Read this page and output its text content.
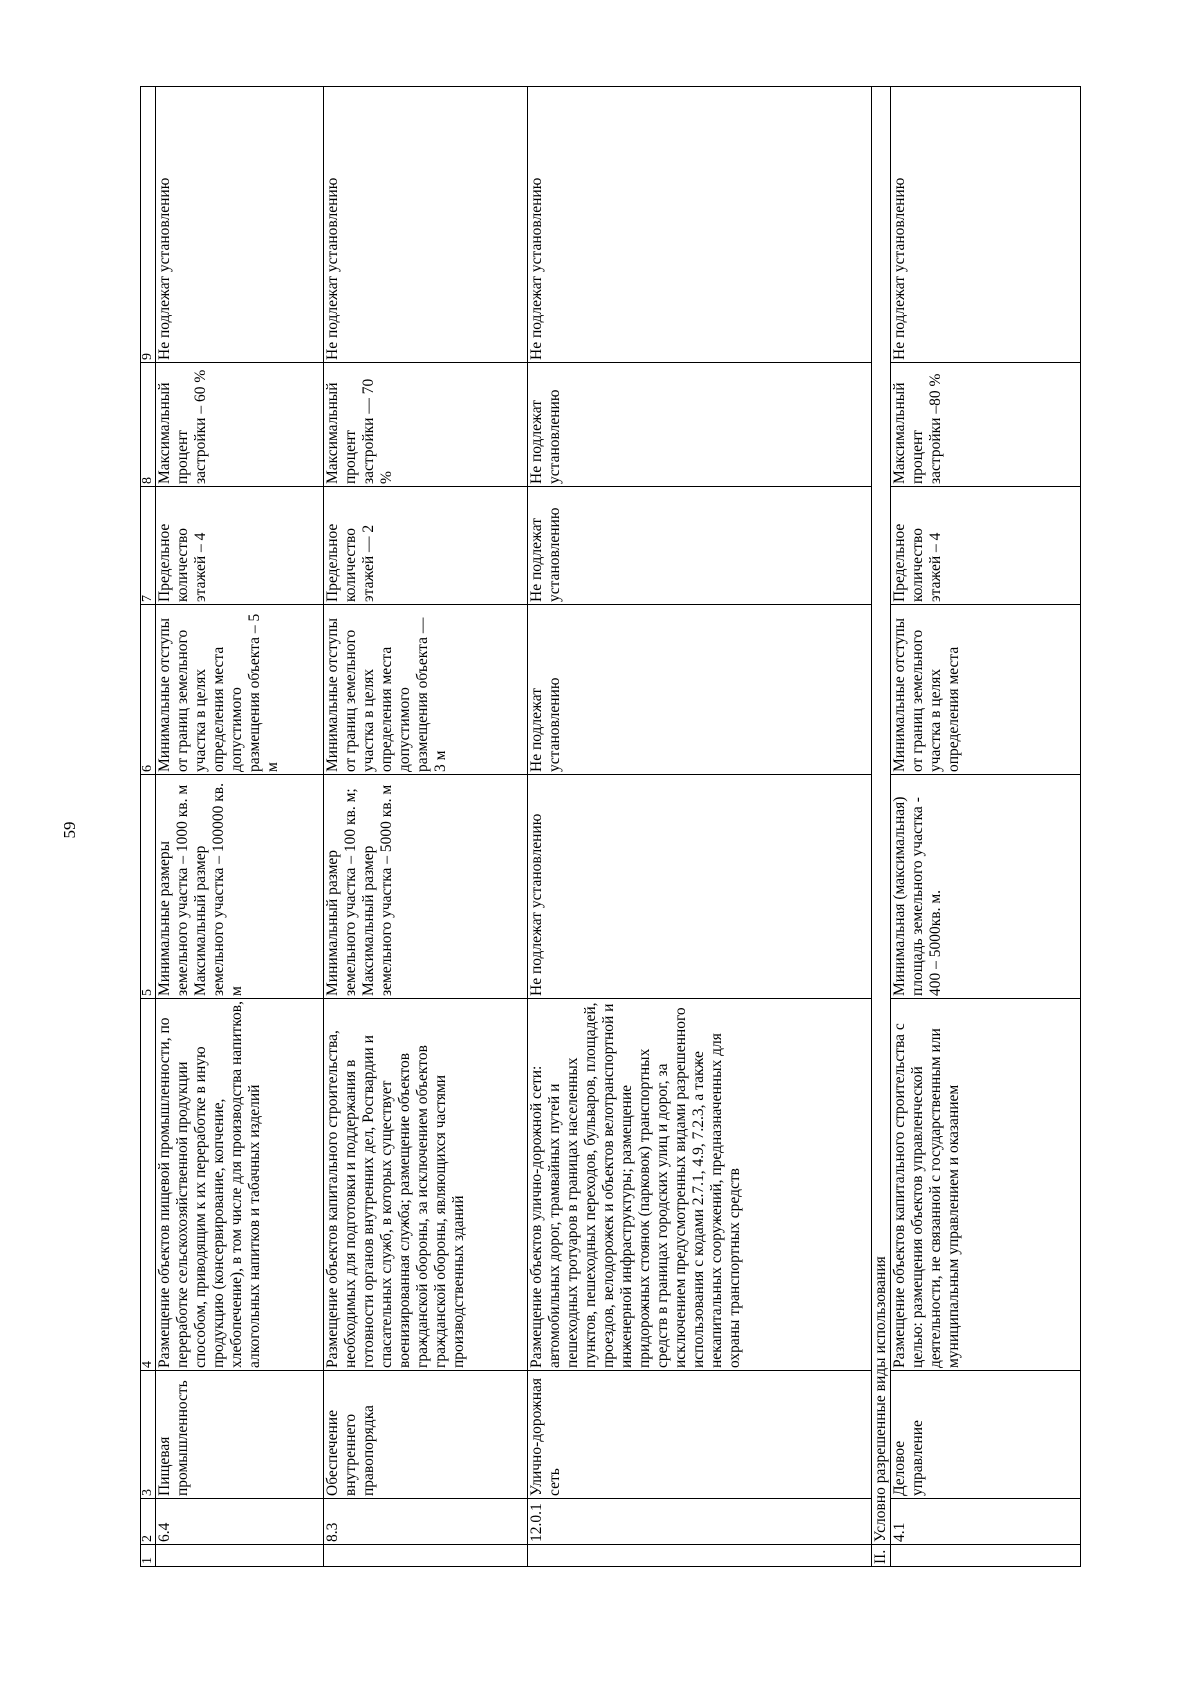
59
1	2	3	4	5	6	7	8	9
	6.4	Пищевая промышленность	Размещение объектов пищевой промышленности, по переработке сельскохозяйственной продукции способом, приводящим к их переработке в иную продукцию (консервирование, копчение, хлебопечение), в том числе для производства напитков, алкогольных напитков и табачных изделий	Минимальные размеры земельного участка – 1000 кв. м Максимальный размер земельного участка – 100000 кв. м	Минимальные отступы от границ земельного участка в целях определения места допустимого размещения объекта – 5 м	Предельное количество этажей – 4	Максимальный процент застройки – 60 %	Не подлежат установлению
	8.3	Обеспечение внутреннего правопорядка	Размещение объектов капитального строительства, необходимых для подготовки и поддержания в готовности органов внутренних дел, Росгвардии и спасательных служб, в которых существует военизированная служба; размещение объектов гражданской обороны, за исключением объектов гражданской обороны, являющихся частями производственных зданий	Минимальный размер земельного участка – 100 кв. м; Максимальный размер земельного участка – 5000 кв. м	Минимальные отступы от границ земельного участка в целях определения места допустимого размещения объекта — 3 м	Предельное количество этажей — 2	Максимальный процент застройки — 70 %	Не подлежат установлению
	12.0.1	Улично-дорожная сеть	Размещение объектов улично-дорожной сети: автомобильных дорог, трамвайных путей и пешеходных тротуаров в границах населенных пунктов, пешеходных переходов, бульваров, площадей, проездов, велодорожек и объектов велотранспортной и инженерной инфраструктуры; размещение придорожных стоянок (парковок) транспортных средств в границах городских улиц и дорог, за исключением предусмотренных видами разрешенного использования с кодами 2.7.1, 4.9, 7.2.3, а также некапитальных сооружений, предназначенных для охраны транспортных средств	Не подлежат установлению	Не подлежат установлению	Не подлежат установлению	Не подлежат установлению	Не подлежат установлению
II.	Условно разрешенные виды использования							
	4.1	Деловое управление	Размещение объектов капитального строительства с целью: размещения объектов управленческой деятельности, не связанной с государственным или муниципальным управлением и оказанием	Минимальная (максимальная) площадь земельного участка - 400 – 5000кв. м.	Минимальные отступы от границ земельного участка в целях определения места	Предельное количество этажей – 4	Максимальный процент застройки –80 %	Не подлежат установлению
